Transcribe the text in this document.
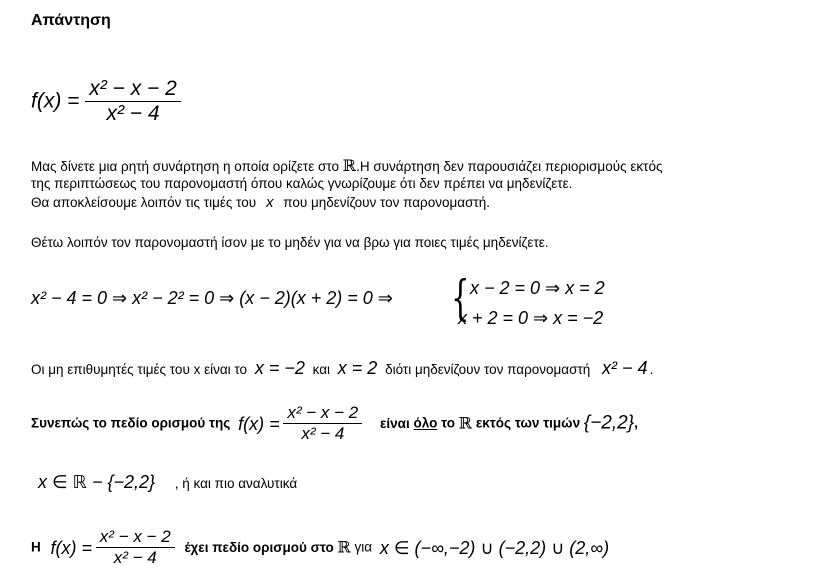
Απάντηση
$f(x) = \frac{\text{x² − x − 2}}{\text{x² − 4}}$
Μας δίνετε μια ρητή συνάρτηση η οποία ορίζετε στο ℝ.Η συνάρτηση δεν παρουσιάζει περιορισμούς εκτός
της περιπτώσεως του παρονομαστή όπου καλώς γνωρίζουμε ότι δεν πρέπει να μηδενίζετε.
Θα αποκλείσουμε λοιπόν τις τιμές του x που μηδενίζουν τον παρονομαστή.
Θέτω λοιπόν τον παρονομαστή ίσον με το μηδέν για να βρω για ποιες τιμές μηδενίζετε.
x² − 4 = 0 ⇒ x² − 2² = 0 ⇒ (x − 2)(x + 2) = 0 ⇒ { x − 2 = 0 ⇒ x = 2
x + 2 = 0 ⇒ x = −2
Οι μη επιθυμητές τιμές του x είναι το x = −2 και x = 2 διότι μηδενίζουν τον παρονομαστή x² − 4 .
Συνεπώς το πεδίο ορισμού της $f(x) = \frac{\text{x² − x − 2}}{\text{x² − 4}}$ είναι όλο το ℝ εκτός των τιμών {−2,2},
x ∈ ℝ − {−2,2} , ή και πιο αναλυτικά
Η $f(x) = \frac{\text{x² − x − 2}}{\text{x² − 4}}$ έχει πεδίο ορισμού στο ℝ για x ∈ (−∞,−2) ∪ (−2,2) ∪ (2,∞)
